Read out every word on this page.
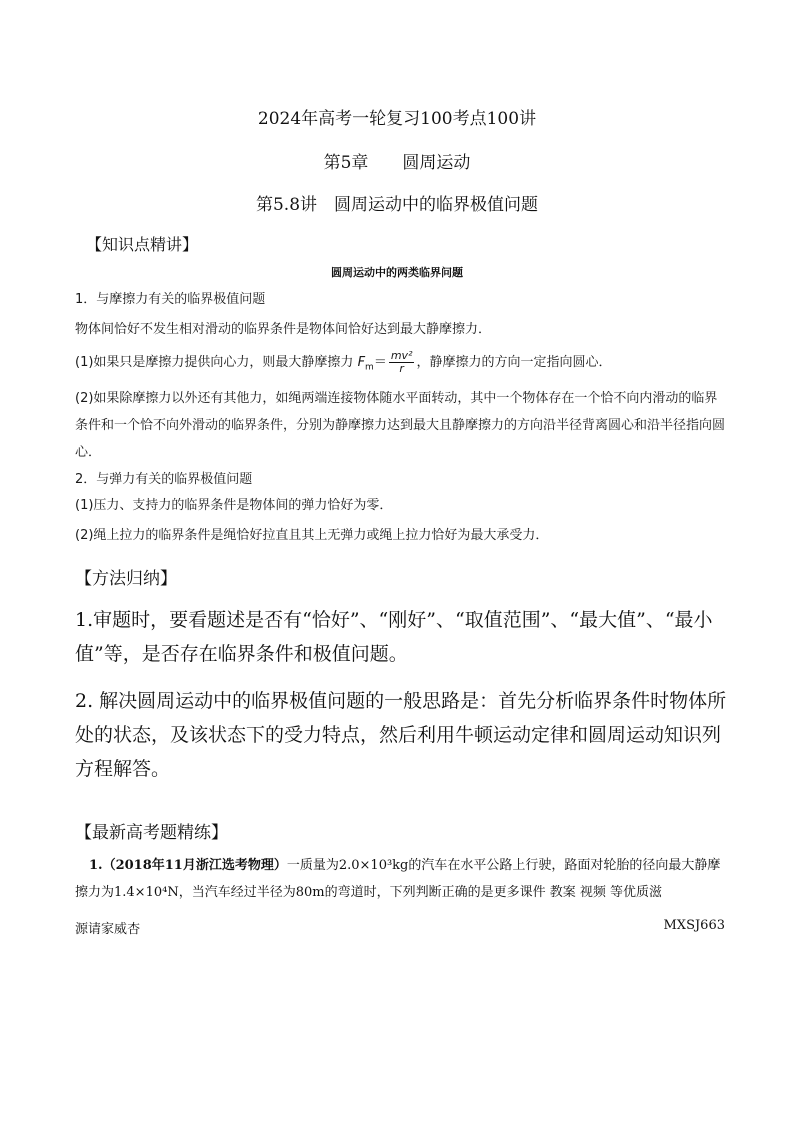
2024年高考一轮复习100考点100讲
第5章　　圆周运动
第5.8讲　圆周运动中的临界极值问题
【知识点精讲】
圆周运动中的两类临界问题
1．与摩擦力有关的临界极值问题
物体间恰好不发生相对滑动的临界条件是物体间恰好达到最大静摩擦力．
(1)如果只是摩擦力提供向心力，则最大静摩擦力 $F_m= \frac{\text{mv²}}{r}$ ，静摩擦力的方向一定指向圆心．
(2)如果除摩擦力以外还有其他力，如绳两端连接物体随水平面转动，其中一个物体存在一个恰不向内滑动的临界条件和一个恰不向外滑动的临界条件，分别为静摩擦力达到最大且静摩擦力的方向沿半径背离圆心和沿半径指向圆心．
2．与弹力有关的临界极值问题
(1)压力、支持力的临界条件是物体间的弹力恰好为零．
(2)绳上拉力的临界条件是绳恰好拉直且其上无弹力或绳上拉力恰好为最大承受力．
【方法归纳】
1.审题时，要看题述是否有“恰好”、“刚好”、“取值范围”、“最大值”、“最小值”等，是否存在临界条件和极值问题。
2. 解决圆周运动中的临界极值问题的一般思路是：首先分析临界条件时物体所处的状态，及该状态下的受力特点，然后利用牛顿运动定律和圆周运动知识列方程解答。
【最新高考题精练】
1.（2018年11月浙江选考物理）一质量为2.0×10³kg的汽车在水平公路上行驶，路面对轮胎的径向最大静摩擦力为1.4×10⁴N，当汽车经过半径为80m的弯道时，下列判断正确的是更多课件 教案 视频 等优质滋
源 请 家 威 杏	MXSJ663
